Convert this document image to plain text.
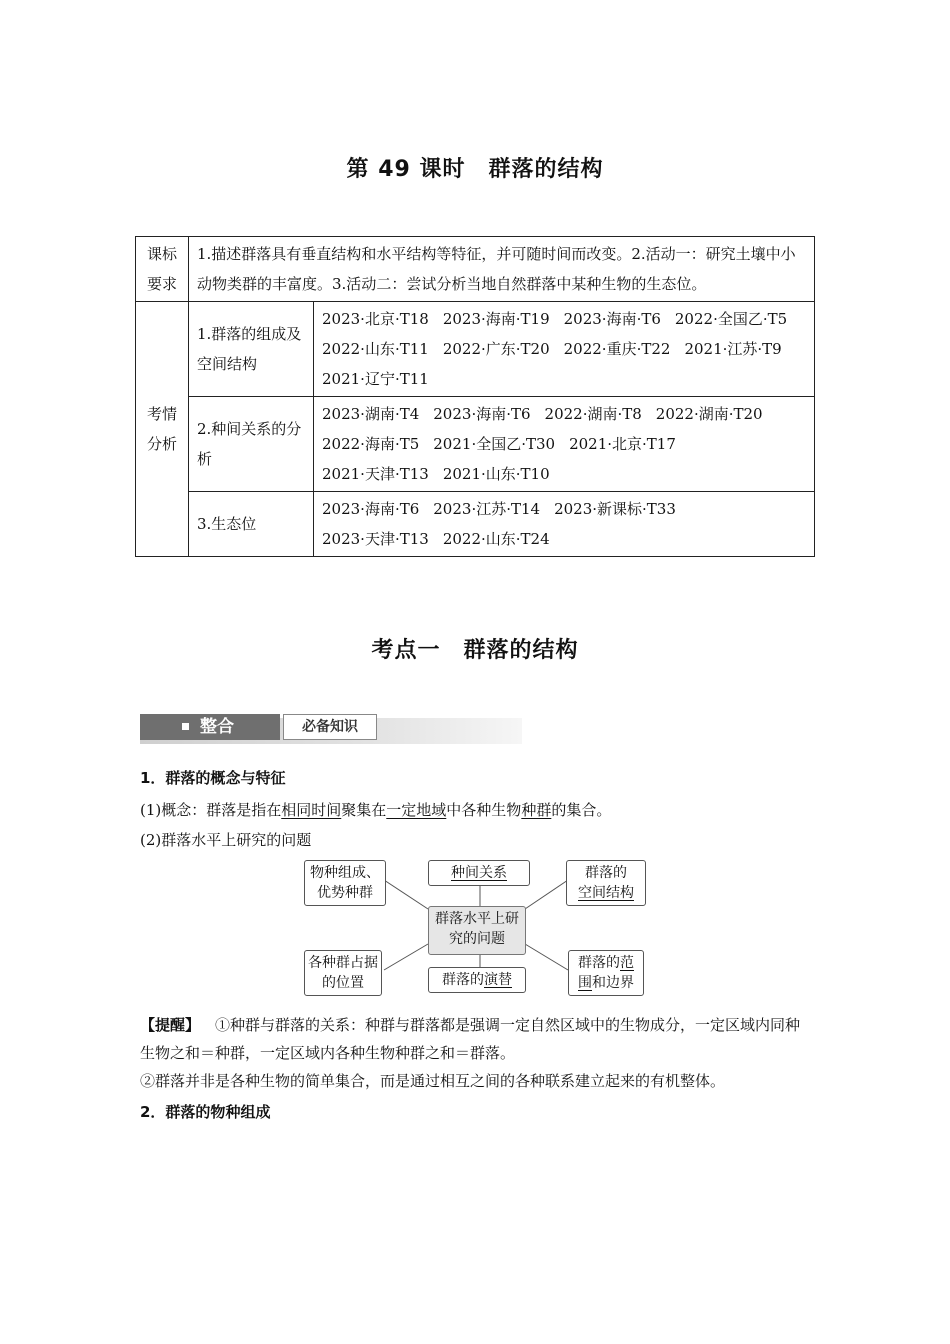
第 49 课时　群落的结构
课标要求	1.描述群落具有垂直结构和水平结构等特征，并可随时间而改变。2.活动一：研究土壤中小动物类群的丰富度。3.活动二：尝试分析当地自然群落中某种生物的生态位。	
考情分析	1.群落的组成及空间结构	2023·北京·T18 2023·海南·T19 2023·海南·T6 2022·全国乙·T52022·山东·T11 2022·广东·T20 2022·重庆·T22 2021·江苏·T92021·辽宁·T11
	2.种间关系的分析	2023·湖南·T4 2023·海南·T6 2022·湖南·T8 2022·湖南·T202022·海南·T5 2021·全国乙·T30 2021·北京·T172021·天津·T13 2021·山东·T10
	3.生态位	2023·海南·T6 2023·江苏·T14 2023·新课标·T332023·天津·T13 2022·山东·T24
考点一　群落的结构
整合	必备知识
1．群落的概念与特征
(1)概念：群落是指在相同时间聚集在一定地域中各种生物种群的集合。
(2)群落水平上研究的问题
物种组成、优势种群
种间关系	群落的
空间结构
群落水平上研究的问题
各种群占据的位置	群落的演替
群落的范
围和边界
【提醒】  ①种群与群落的关系：种群与群落都是强调一定自然区域中的生物成分，一定区域内同种生物之和＝种群，一定区域内各种生物种群之和＝群落。
②群落并非是各种生物的简单集合，而是通过相互之间的各种联系建立起来的有机整体。
2．群落的物种组成
